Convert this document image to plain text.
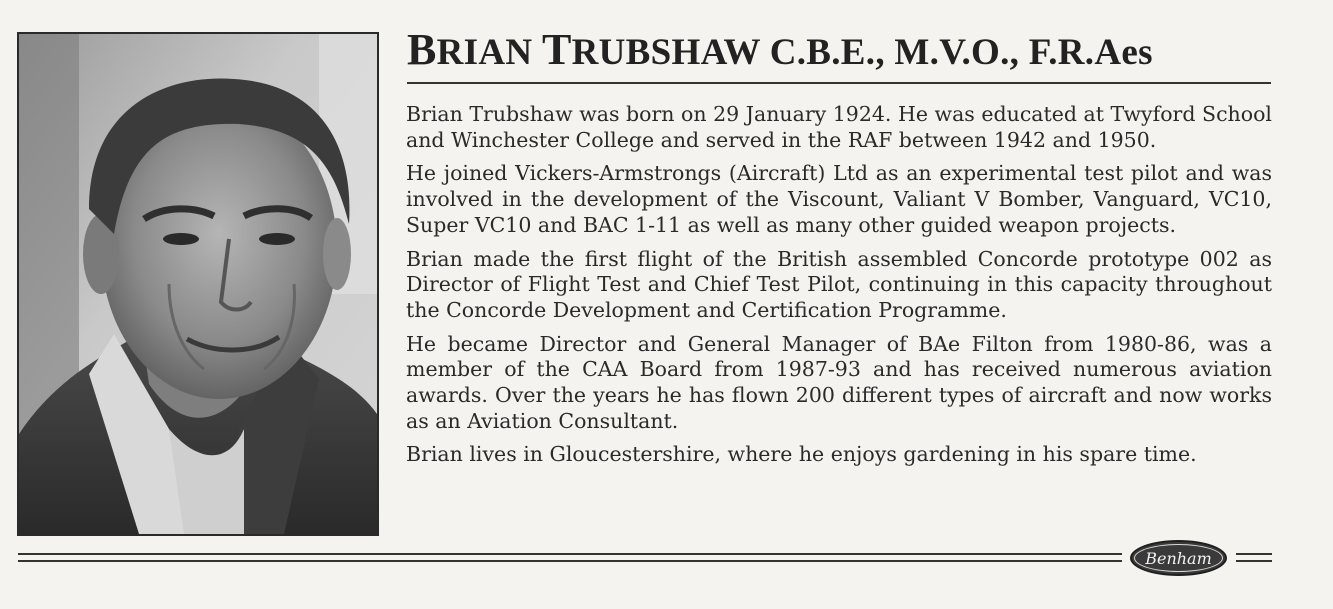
BRIAN TRUBSHAW C.B.E., M.V.O., F.R.Aes

Brian Trubshaw was born on 29 January 1924. He was educated at Twyford School and Winchester College and served in the RAF between 1942 and 1950.

He joined Vickers-Armstrongs (Aircraft) Ltd as an experimental test pilot and was involved in the development of the Viscount, Valiant V Bomber, Vanguard, VC10, Super VC10 and BAC 1-11 as well as many other guided weapon projects.

Brian made the first flight of the British assembled Concorde prototype 002 as Director of Flight Test and Chief Test Pilot, continuing in this capacity throughout the Concorde Development and Certification Programme.

He became Director and General Manager of BAe Filton from 1980-86, was a member of the CAA Board from 1987-93 and has received numerous aviation awards. Over the years he has flown 200 different types of aircraft and now works as an Aviation Consultant.

Brian lives in Gloucestershire, where he enjoys gardening in his spare time.

Benham
